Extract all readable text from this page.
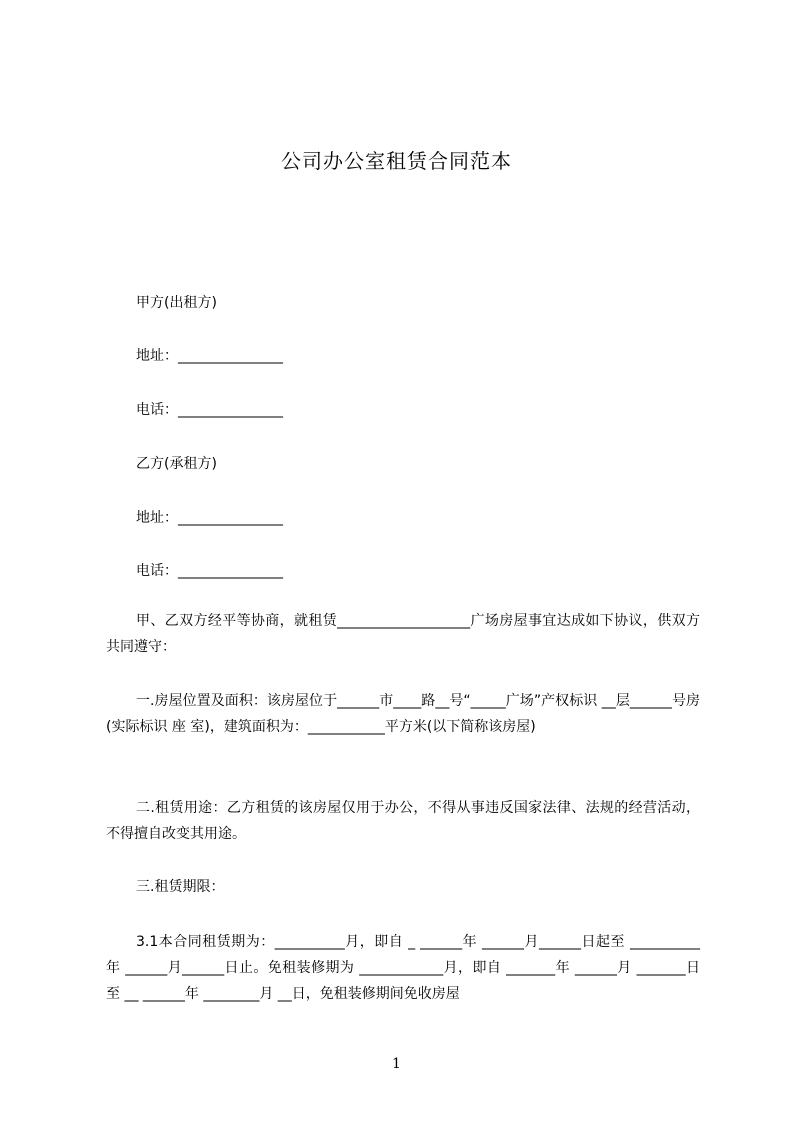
公司办公室租赁合同范本
甲方(出租方)
地址：_______________
电话：_______________
乙方(承租方)
地址：_______________
电话：_______________
甲、乙双方经平等协商，就租赁___________________广场房屋事宜达成如下协议，供双方共同遵守：
一.房屋位置及面积：该房屋位于______市____路__号“_____广场”产权标识 __层______号房(实际标识 座 室)，建筑面积为：___________平方米(以下简称该房屋)
二.租赁用途：乙方租赁的该房屋仅用于办公，不得从事违反国家法律、法规的经营活动，不得擅自改变其用途。
三.租赁期限：
3.1本合同租赁期为：__________月，即自 _ ______年 ______月______日起至 __________年 ______月______日止。免租装修期为 ____________月，即自 _______年 ______月 _______日至 __ ______年 ________月 __日，免租装修期间免收房屋
1
